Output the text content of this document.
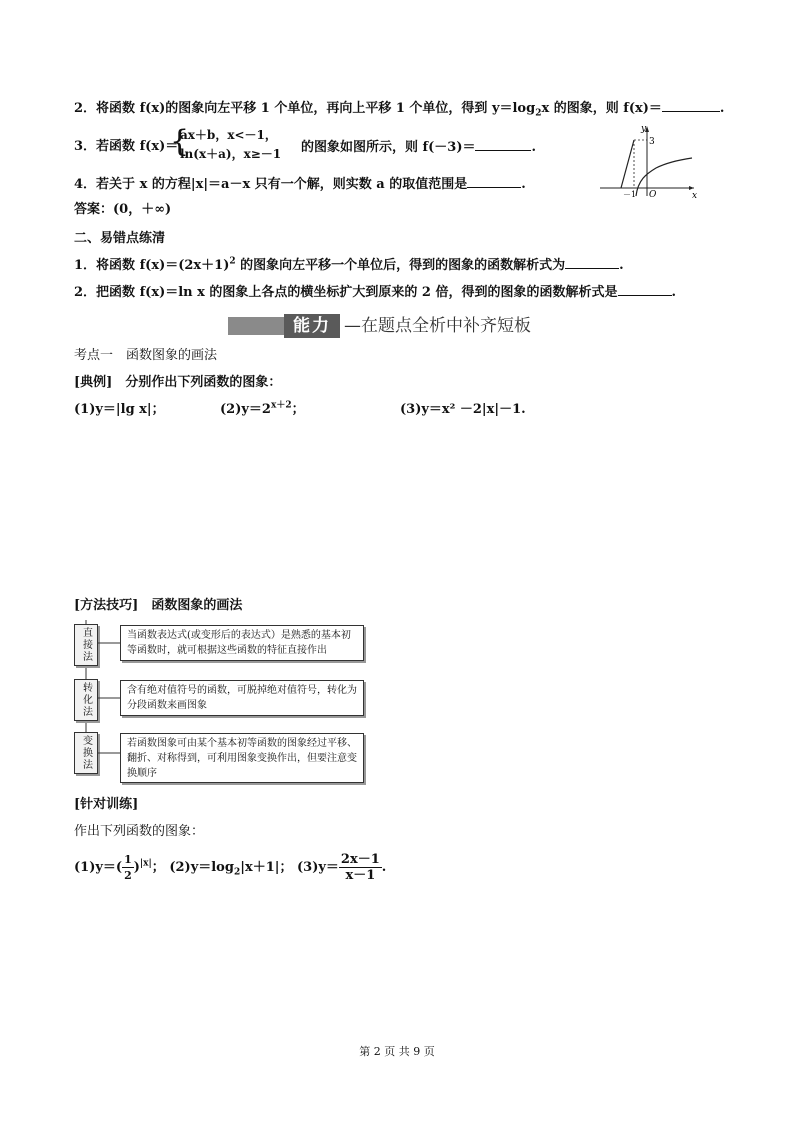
2．将函数 f(x)的图象向左平移 1 个单位，再向上平移 1 个单位，得到 $y=\log_2x$ 的图象，则 f(x)＝	.
3．若函数 f(x)＝
{
ax＋b，x<－1，
ln(x＋a)，x≥－1 的图象如图所示，则 f(－3)＝	.
y
x
3
－1 O
4．若关于 x 的方程|x|＝a－x 只有一个解，则实数 a 的取值范围是	.
答案：(0，＋∞)
二、易错点练清
1．将函数 $f(x)=(2x+1)^2$ 的图象向左平移一个单位后，得到的图象的函数解析式为	.
2．把函数 f(x)＝ln x 的图象上各点的横坐标扩大到原来的 2 倍，得到的图象的函数解析式是	.
能力 —在题点全析中补齐短板
考点一　函数图象的画法
[典例]　 分别作出下列函数的图象：
(1)y＝|lg x|；	$(2)y=2^{x+2}$；	(3)y＝x² －2|x|－1.
[方法技巧]　 函数图象的画法
直接法	当函数表达式(或变形后的表达式）是熟悉的基本初等函数时，就可根据这些函数的特征直接作出
转化法	含有绝对值符号的函数，可脱掉绝对值符号，转化为分段函数来画图象
变换法	若函数图象可由某个基本初等函数的图象经过平移、翻折、对称得到，可利用图象变换作出，但要注意变换顺序
[针对训练]
作出下列函数的图象：
$(1)y=( \frac{1}{2} )^{|x|}$； $(2)y=\log_2|x+1|$； $(3)y= \frac{2x-1}{x-1}$ .
第 2 页 共 9 页
